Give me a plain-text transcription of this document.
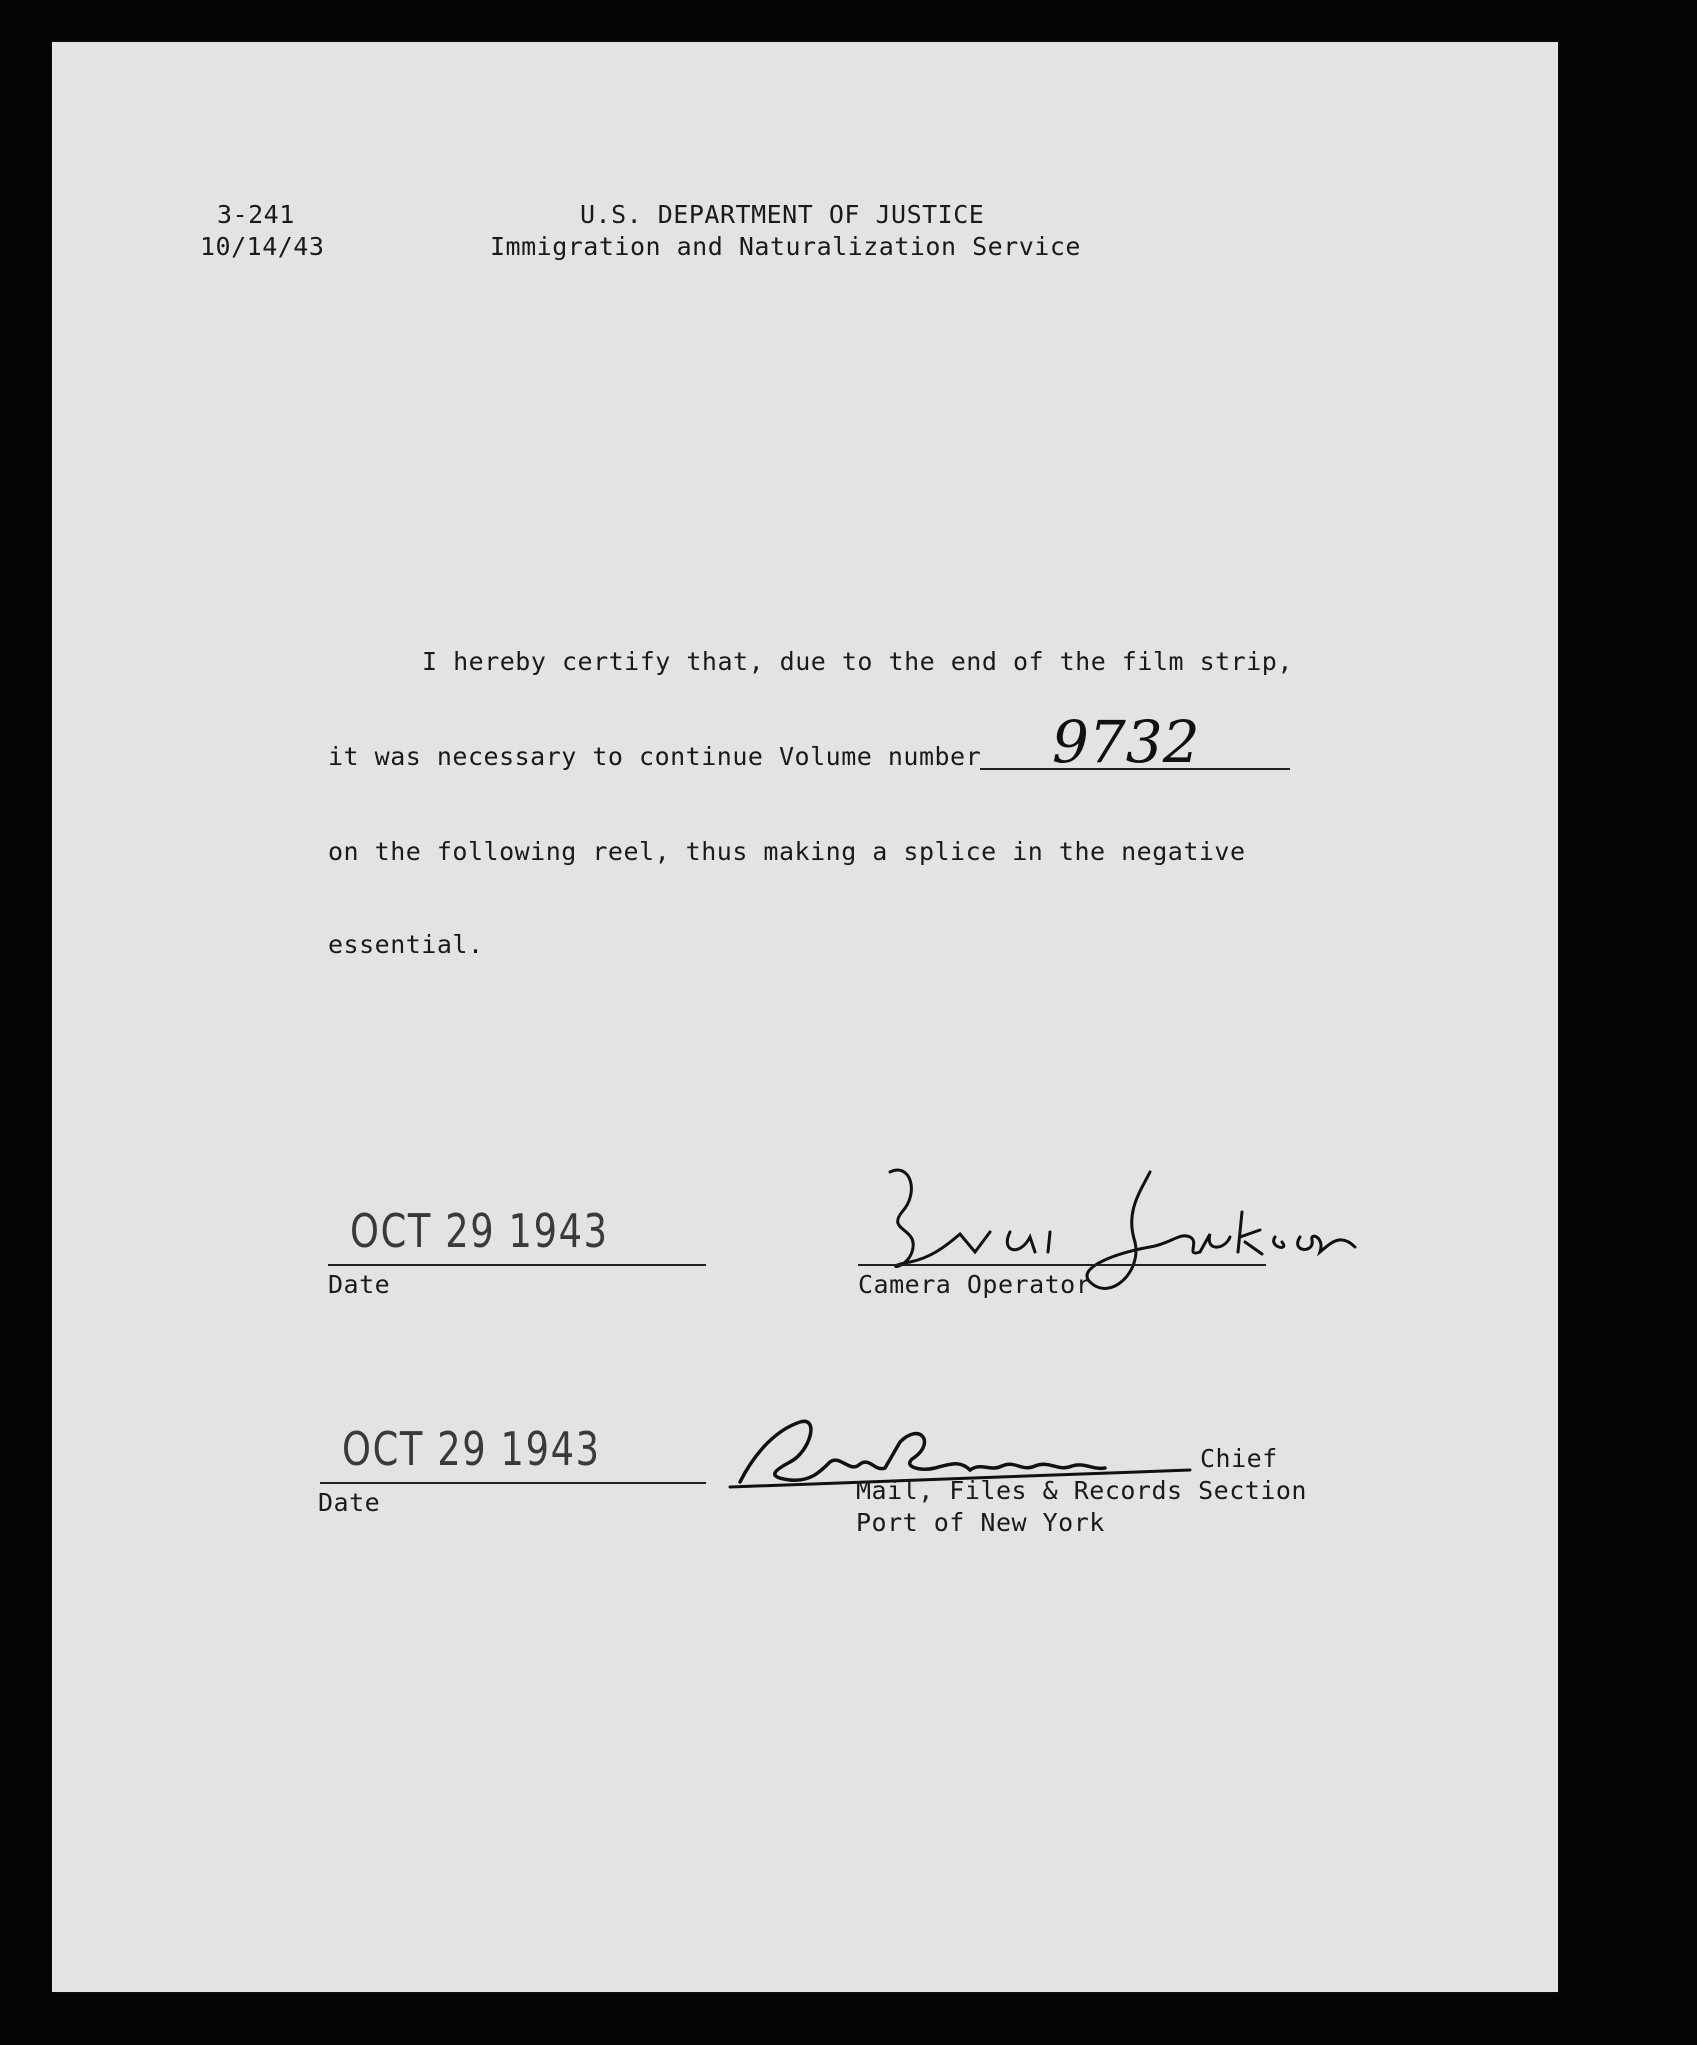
3-241
10/14/43
U.S. DEPARTMENT OF JUSTICE
Immigration and Naturalization Service
I hereby certify that, due to the end of the film strip,
it was necessary to continue Volume number 9732
on the following reel, thus making a splice in the negative
essential.
OCT 29 1943
Date	Camera Operator
OCT 29 1943
Date
Chief
Mail, Files & Records Section
Port of New York
